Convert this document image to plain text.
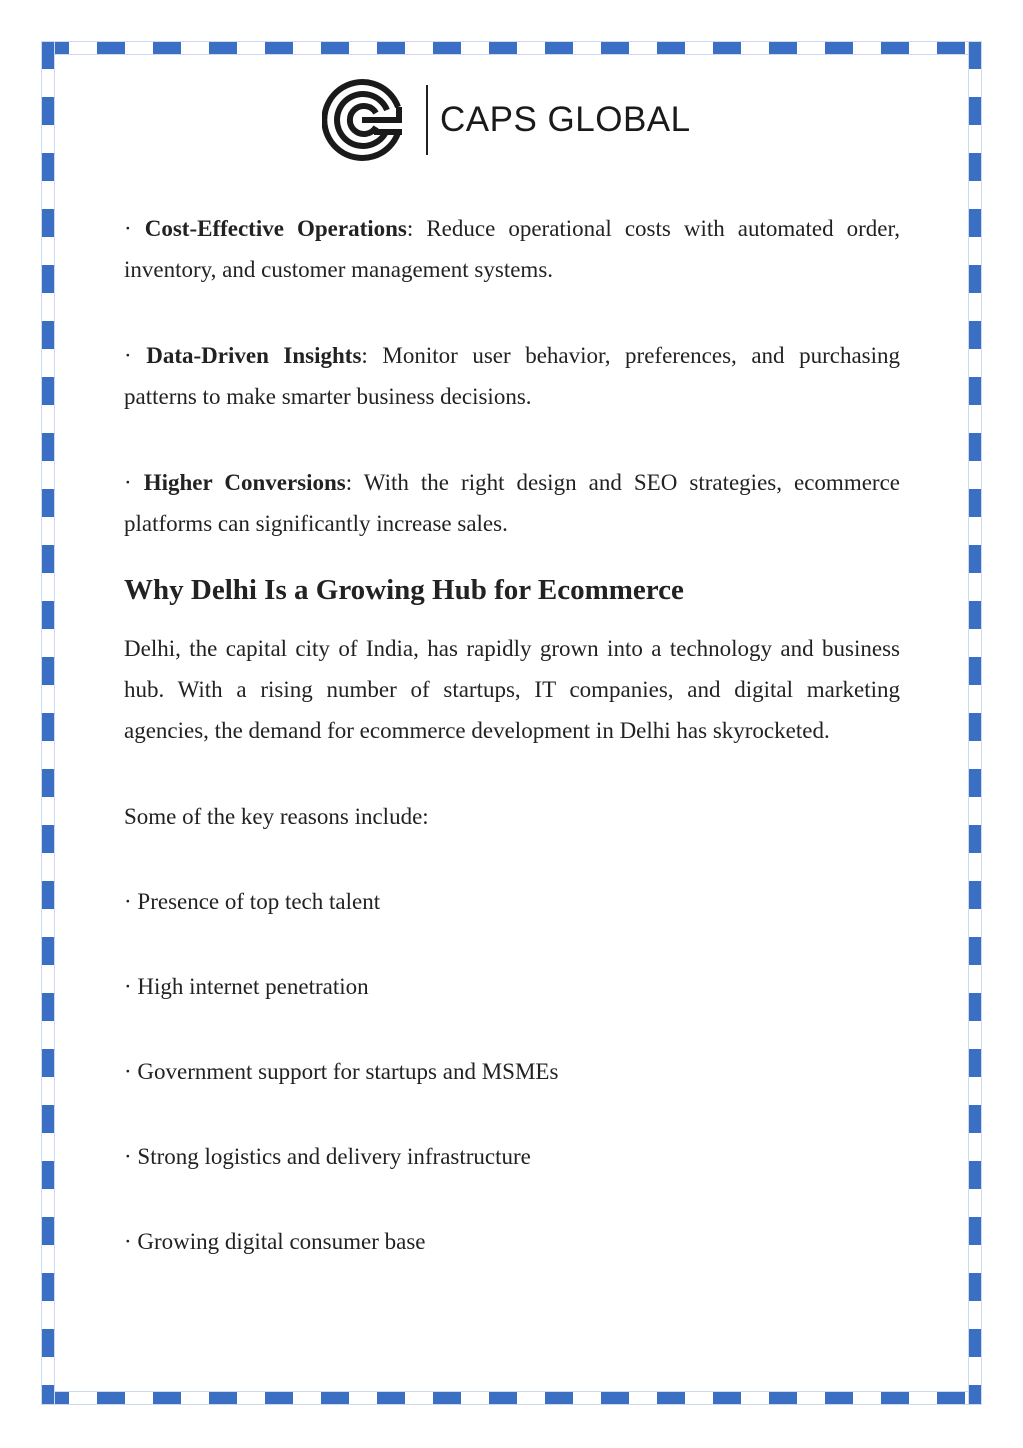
CAPS GLOBAL

· Cost-Effective Operations: Reduce operational costs with automated order, inventory, and customer management systems.

· Data-Driven Insights: Monitor user behavior, preferences, and purchasing patterns to make smarter business decisions.

· Higher Conversions: With the right design and SEO strategies, ecommerce platforms can significantly increase sales.

Why Delhi Is a Growing Hub for Ecommerce

Delhi, the capital city of India, has rapidly grown into a technology and business hub. With a rising number of startups, IT companies, and digital marketing agencies, the demand for ecommerce development in Delhi has skyrocketed.

Some of the key reasons include:

· Presence of top tech talent

· High internet penetration

· Government support for startups and MSMEs

· Strong logistics and delivery infrastructure

· Growing digital consumer base
